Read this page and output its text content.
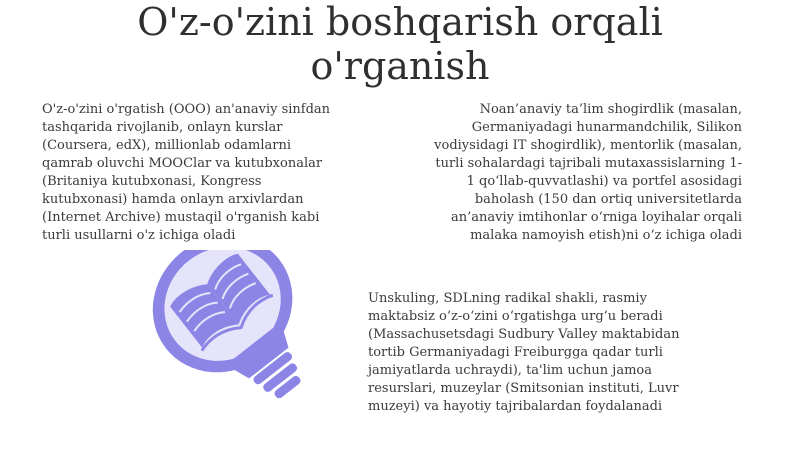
O'z-o'zini boshqarish orqali o'rganish

O'z-o'zini o'rgatish (OOO) an'anaviy sinfdan tashqarida rivojlanib, onlayn kurslar (Coursera, edX), millionlab odamlarni qamrab oluvchi MOOClar va kutubxonalar (Britaniya kutubxonasi, Kongress kutubxonasi) hamda onlayn arxivlardan (Internet Archive) mustaqil o'rganish kabi turli usullarni o'z ichiga oladi

Noan’anaviy ta’lim shogirdlik (masalan, Germaniyadagi hunarmandchilik, Silikon vodiysidagi IT shogirdlik), mentorlik (masalan, turli sohalardagi tajribali mutaxassislarning 1-1 qo‘llab-quvvatlashi) va portfel asosidagi baholash (150 dan ortiq universitetlarda an’anaviy imtihonlar o‘rniga loyihalar orqali malaka namoyish etish)ni o‘z ichiga oladi

Unskuling, SDLning radikal shakli, rasmiy maktabsiz o‘z-o‘zini o‘rgatishga urg‘u beradi (Massachusetsdagi Sudbury Valley maktabidan tortib Germaniyadagi Freiburgga qadar turli jamiyatlarda uchraydi), ta'lim uchun jamoa resurslari, muzeylar (Smitsonian instituti, Luvr muzeyi) va hayotiy tajribalardan foydalanadi
